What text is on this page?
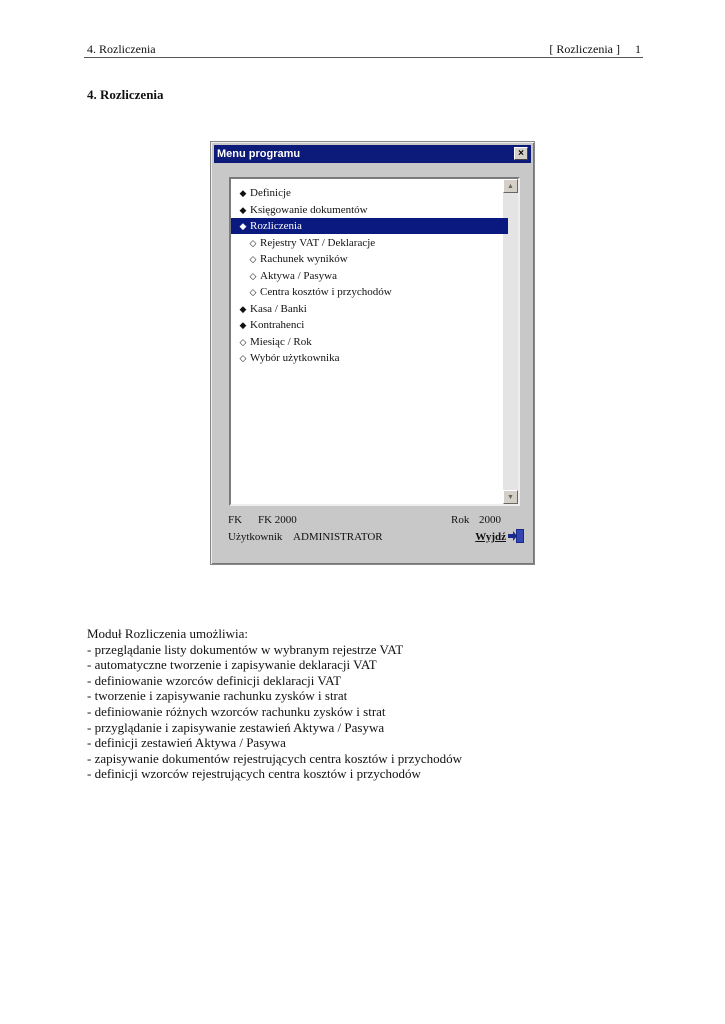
4. Rozliczenia	[ Rozliczenia ]     1
4. Rozliczenia
Menu programu	×
▲
▼
◆ Definicje
◆ Księgowanie dokumentów
◆ Rozliczenia
◇ Rejestry VAT / Deklaracje
◇ Rachunek wyników
◇ Aktywa / Pasywa
◇ Centra kosztów i przychodów
◆ Kasa / Banki
◆ Kontrahenci
◇ Miesiąc / Rok
◇ Wybór użytkownika
FK FK 2000	Rok 2000
Użytkownik ADMINISTRATOR	Wyjdź
Moduł Rozliczenia umożliwia:
- przeglądanie listy dokumentów w wybranym rejestrze VAT
- automatyczne tworzenie i zapisywanie deklaracji VAT
- definiowanie wzorców definicji deklaracji VAT
- tworzenie i zapisywanie rachunku zysków i strat
- definiowanie różnych wzorców rachunku zysków i strat
- przyglądanie i zapisywanie zestawień Aktywa / Pasywa
- definicji zestawień Aktywa / Pasywa
- zapisywanie dokumentów rejestrujących centra kosztów i przychodów
- definicji wzorców rejestrujących centra kosztów i przychodów
